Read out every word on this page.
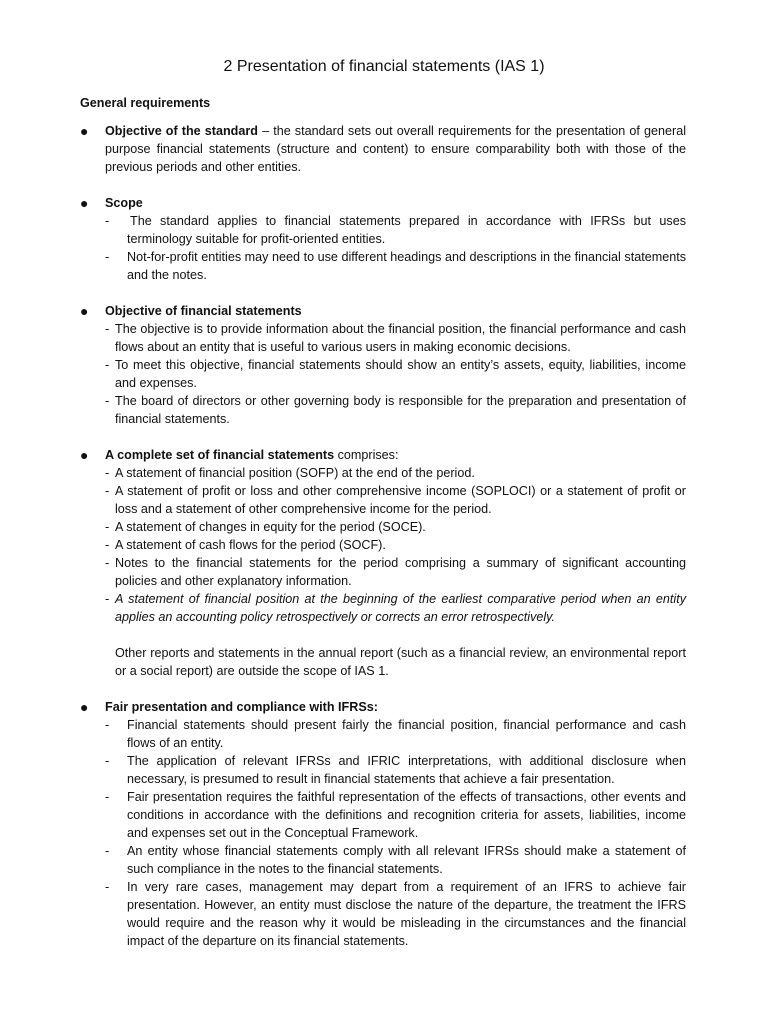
2 Presentation of financial statements (IAS 1)
General requirements
●	Objective of the standard – the standard sets out overall requirements for the presentation of general purpose financial statements (structure and content) to ensure comparability both with those of the previous periods and other entities.
●	Scope
-	The standard applies to financial statements prepared in accordance with IFRSs but uses terminology suitable for profit-oriented entities.
-	Not-for-profit entities may need to use different headings and descriptions in the financial statements and the notes.
●	Objective of financial statements
- The objective is to provide information about the financial position, the financial performance and cash flows about an entity that is useful to various users in making economic decisions.
- To meet this objective, financial statements should show an entity’s assets, equity, liabilities, income and expenses.
- The board of directors or other governing body is responsible for the preparation and presentation of financial statements.
●	A complete set of financial statements comprises:
- A statement of financial position (SOFP) at the end of the period.
- A statement of profit or loss and other comprehensive income (SOPLOCI) or a statement of profit or loss and a statement of other comprehensive income for the period.
- A statement of changes in equity for the period (SOCE).
- A statement of cash flows for the period (SOCF).
- Notes to the financial statements for the period comprising a summary of significant accounting policies and other explanatory information.
- A statement of financial position at the beginning of the earliest comparative period when an entity applies an accounting policy retrospectively or corrects an error retrospectively.
Other reports and statements in the annual report (such as a financial review, an environmental report or a social report) are outside the scope of IAS 1.
●	Fair presentation and compliance with IFRSs:
-	Financial statements should present fairly the financial position, financial performance and cash flows of an entity.
-	The application of relevant IFRSs and IFRIC interpretations, with additional disclosure when necessary, is presumed to result in financial statements that achieve a fair presentation.
-	Fair presentation requires the faithful representation of the effects of transactions, other events and conditions in accordance with the definitions and recognition criteria for assets, liabilities, income and expenses set out in the Conceptual Framework.
-	An entity whose financial statements comply with all relevant IFRSs should make a statement of such compliance in the notes to the financial statements.
-	In very rare cases, management may depart from a requirement of an IFRS to achieve fair presentation. However, an entity must disclose the nature of the departure, the treatment the IFRS would require and the reason why it would be misleading in the circumstances and the financial impact of the departure on its financial statements.
